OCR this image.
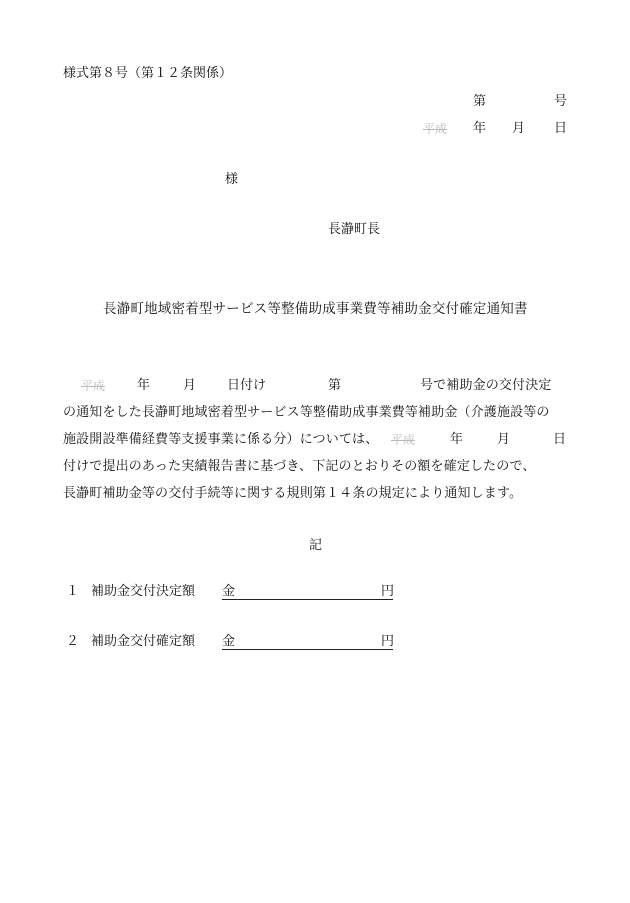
様式第８号（第１２条関係）
第	号
平成 年 月 日
様
長瀞町長
長瀞町地域密着型サービス等整備助成事業費等補助金交付確定通知書
平成 年	月 日付け	第	号で補助金の交付決定
の通知をした長瀞町地域密着型サービス等整備助成事業費等補助金（介護施設等の
施設開設準備経費等支援事業に係る分）については、 平成	年	月	日
付けで提出のあった実績報告書に基づき、下記のとおりその額を確定したので、
長瀞町補助金等の交付手続等に関する規則第１４条の規定により通知します。
記
１ 補助金交付決定額 金	円
２ 補助金交付確定額 金	円
